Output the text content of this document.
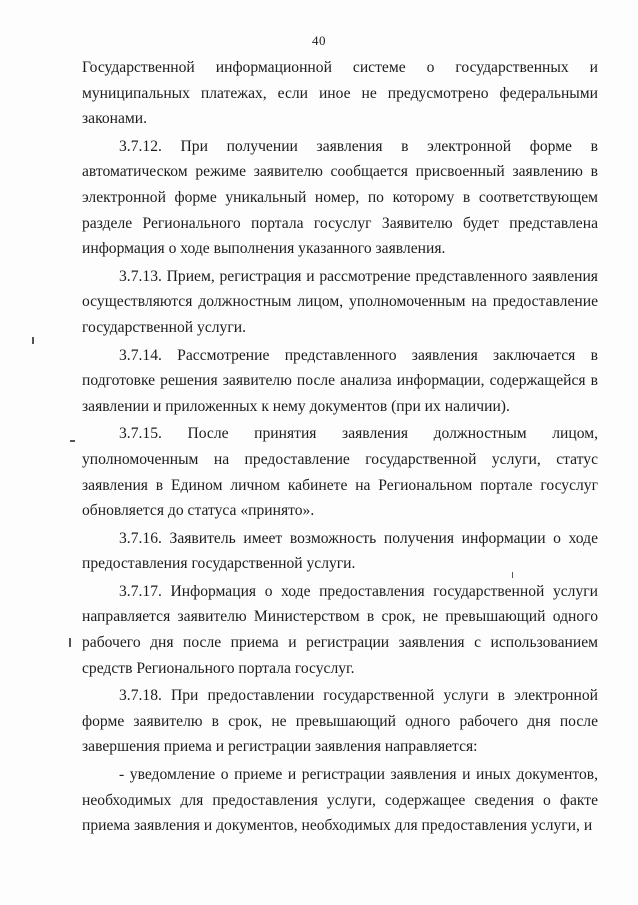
40

Государственной информационной системе о государственных и муниципальных платежах, если иное не предусмотрено федеральными законами.

3.7.12. При получении заявления в электронной форме в автоматическом режиме заявителю сообщается присвоенный заявлению в электронной форме уникальный номер, по которому в соответствующем разделе Регионального портала госуслуг Заявителю будет представлена информация о ходе выполнения указанного заявления.

3.7.13. Прием, регистрация и рассмотрение представленного заявления осуществляются должностным лицом, уполномоченным на предоставление государственной услуги.

3.7.14. Рассмотрение представленного заявления заключается в подготовке решения заявителю после анализа информации, содержащейся в заявлении и приложенных к нему документов (при их наличии).

3.7.15. После принятия заявления должностным лицом, уполномоченным на предоставление государственной услуги, статус заявления в Едином личном кабинете на Региональном портале госуслуг обновляется до статуса «принято».

3.7.16. Заявитель имеет возможность получения информации о ходе предоставления государственной услуги.

3.7.17. Информация о ходе предоставления государственной услуги направляется заявителю Министерством в срок, не превышающий одного рабочего дня после приема и регистрации заявления с использованием средств Регионального портала госуслуг.

3.7.18. При предоставлении государственной услуги в электронной форме заявителю в срок, не превышающий одного рабочего дня после завершения приема и регистрации заявления направляется:

- уведомление о приеме и регистрации заявления и иных документов, необходимых для предоставления услуги, содержащее сведения о факте приема заявления и документов, необходимых для предоставления услуги, и
